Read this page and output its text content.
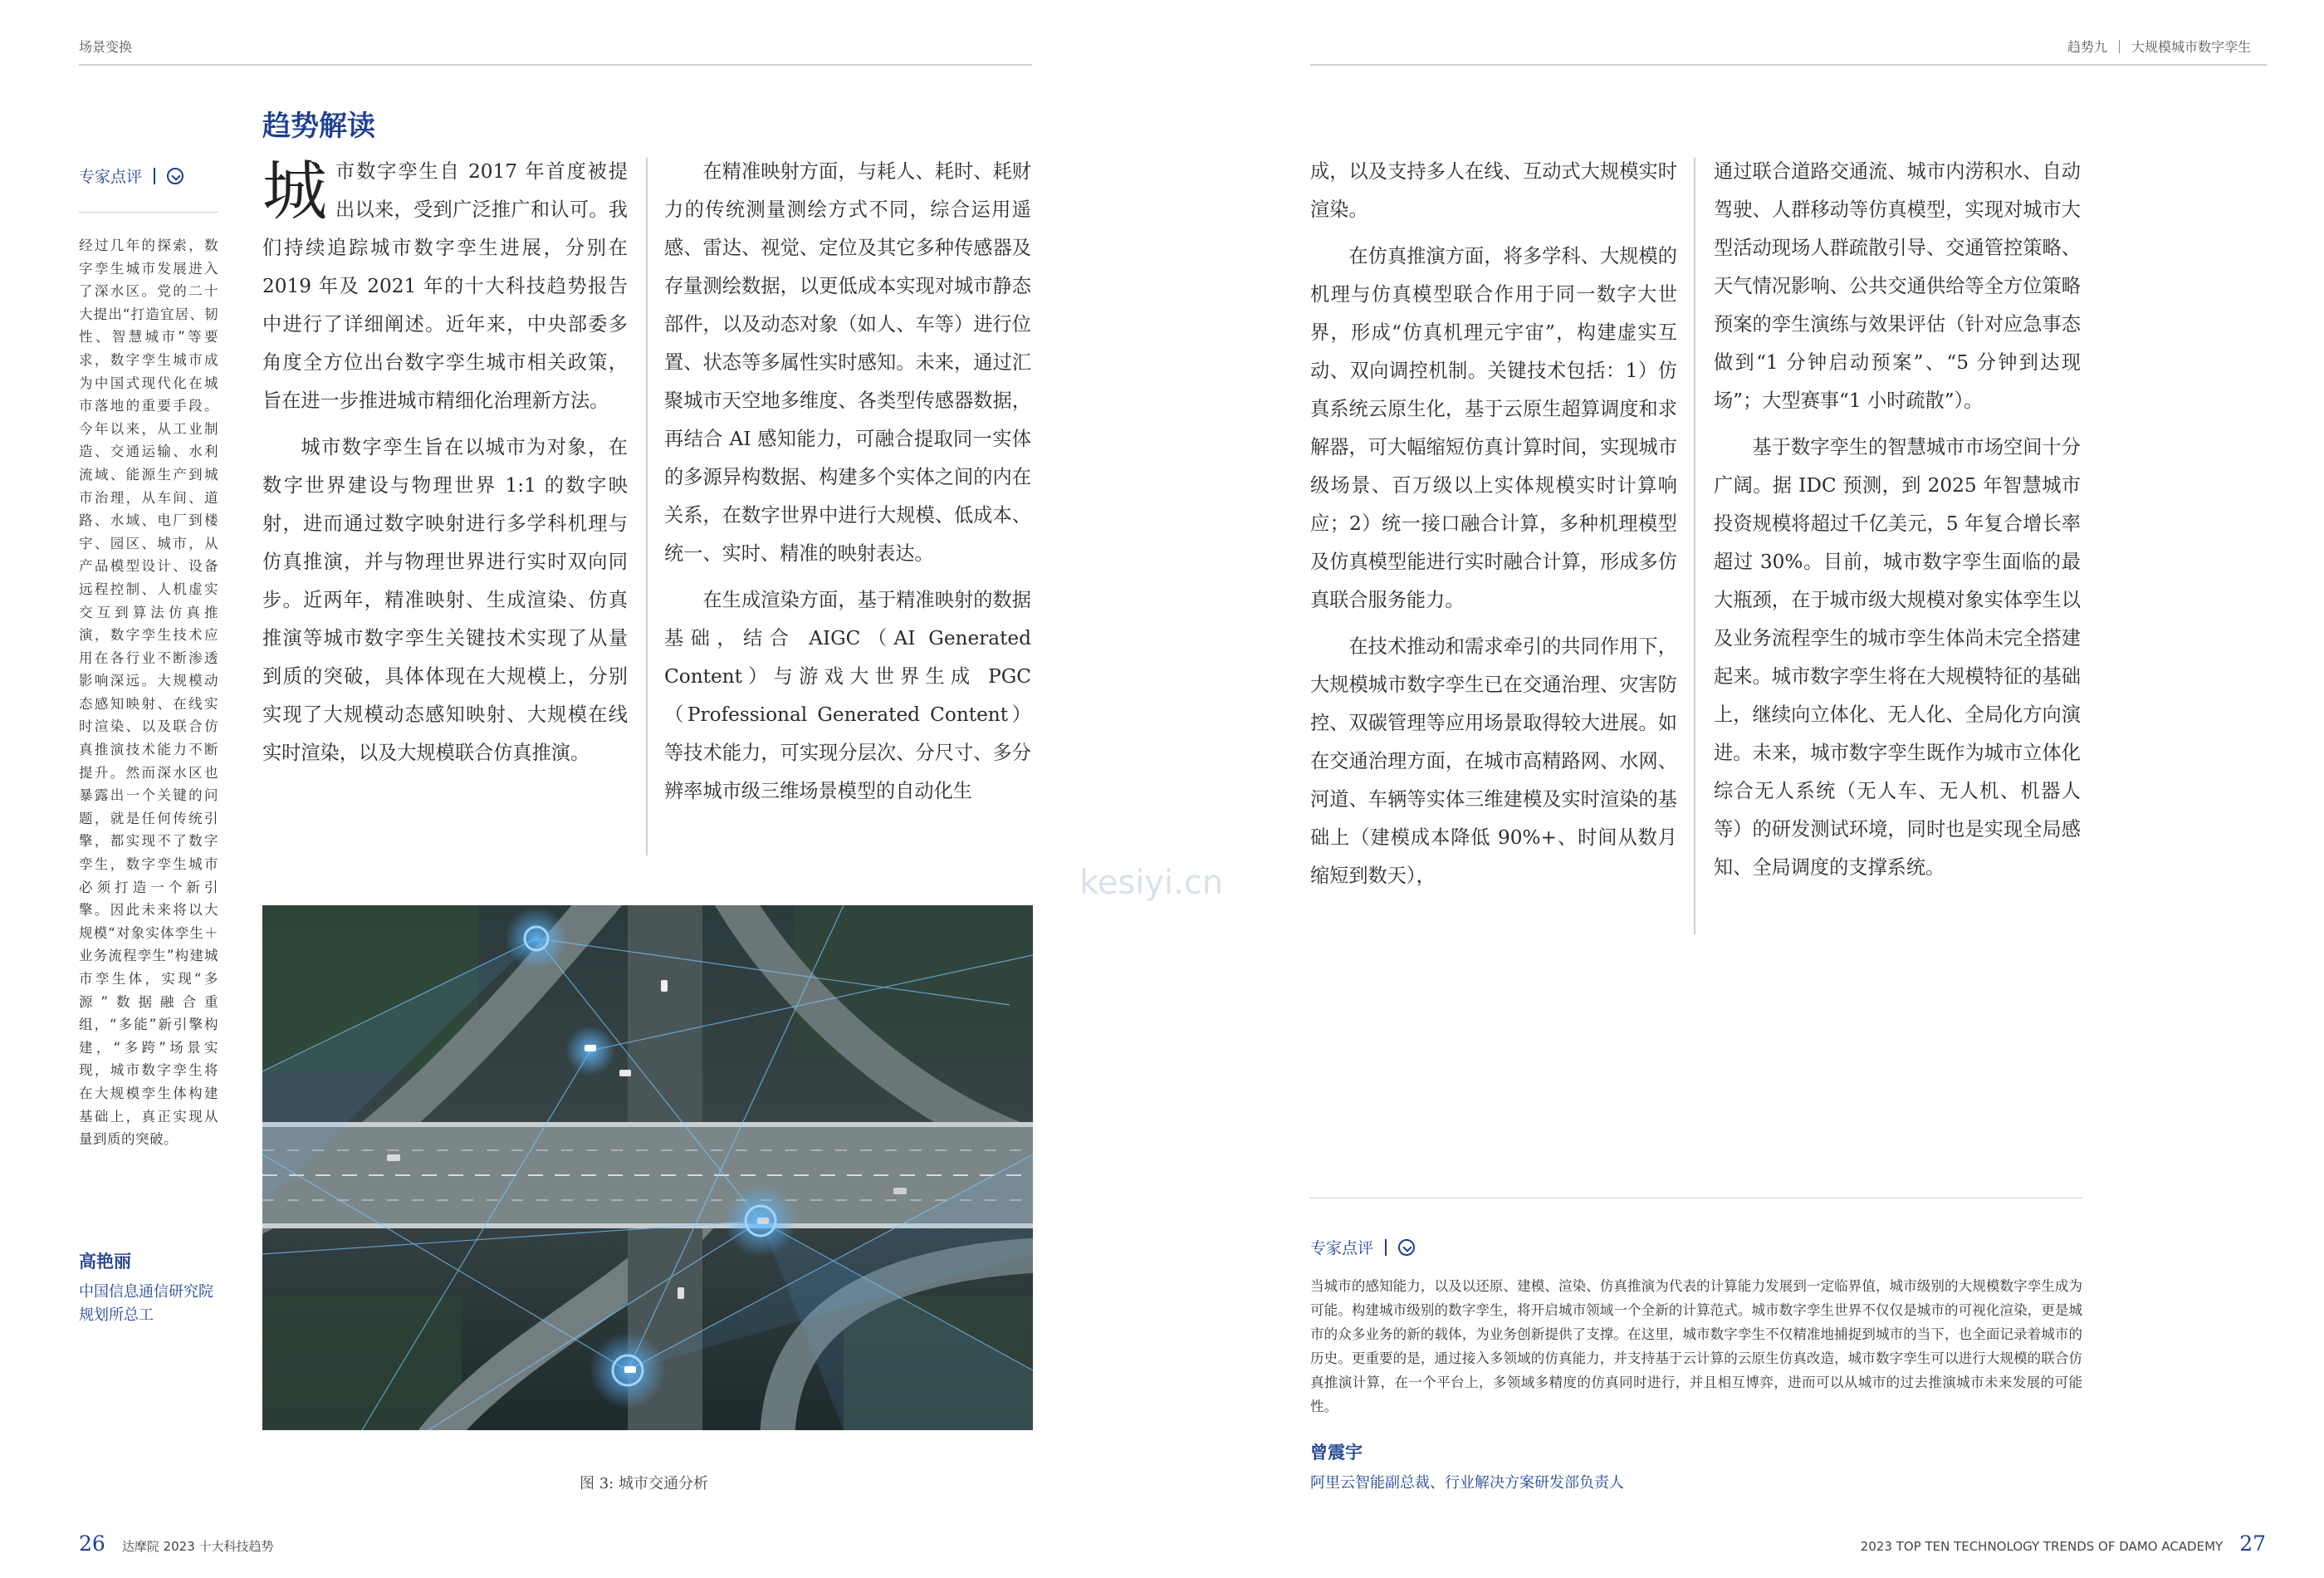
场景变换	趋势九 大规模城市数字孪生
趋势解读
专家点评
经过几年的探索，数字孪生城市发展进入了深水区。党的二十大提出“打造宜居、韧性、智慧城市”等要求，数字孪生城市成为中国式现代化在城市落地的重要手段。今年以来，从工业制造、交通运输、水利流域、能源生产到城市治理，从车间、道路、水域、电厂到楼宇、园区、城市，从产品模型设计、设备远程控制、人机虚实交互到算法仿真推演，数字孪生技术应用在各行业不断渗透影响深远。大规模动态感知映射、在线实时渲染、以及联合仿真推演技术能力不断提升。然而深水区也暴露出一个关键的问题，就是任何传统引擎，都实现不了数字孪生，数字孪生城市必须打造一个新引擎。因此未来将以大规模“对象实体孪生＋业务流程孪生”构建城市孪生体，实现“多源”数据融合重组，“多能”新引擎构建，“多跨”场景实现，城市数字孪生将在大规模孪生体构建基础上，真正实现从量到质的突破。
高艳丽
中国信息通信研究院规划所总工

城市数字孪生自 2017 年首度被提出以来，受到广泛推广和认可。我们持续追踪城市数字孪生进展，分别在 2019 年及 2021 年的十大科技趋势报告中进行了详细阐述。近年来，中央部委多角度全方位出台数字孪生城市相关政策，旨在进一步推进城市精细化治理新方法。

城市数字孪生旨在以城市为对象，在数字世界建设与物理世界 1:1 的数字映射，进而通过数字映射进行多学科机理与仿真推演，并与物理世界进行实时双向同步。近两年，精准映射、生成渲染、仿真推演等城市数字孪生关键技术实现了从量到质的突破，具体体现在大规模上，分别实现了大规模动态感知映射、大规模在线实时渲染，以及大规模联合仿真推演。

在精准映射方面，与耗人、耗时、耗财力的传统测量测绘方式不同，综合运用遥感、雷达、视觉、定位及其它多种传感器及存量测绘数据，以更低成本实现对城市静态部件，以及动态对象（如人、车等）进行位置、状态等多属性实时感知。未来，通过汇聚城市天空地多维度、各类型传感器数据，再结合 AI 感知能力，可融合提取同一实体的多源异构数据、构建多个实体之间的内在关系，在数字世界中进行大规模、低成本、统一、实时、精准的映射表达。

在生成渲染方面，基于精准映射的数据基础，结合 AIGC（AI Generated Content）与游戏大世界生成 PGC（Professional Generated Content）等技术能力，可实现分层次、分尺寸、多分辨率城市级三维场景模型的自动化生

图 3: 城市交通分析
kesiyi.cn

成，以及支持多人在线、互动式大规模实时渲染。

在仿真推演方面，将多学科、大规模的机理与仿真模型联合作用于同一数字大世界，形成“仿真机理元宇宙”，构建虚实互动、双向调控机制。关键技术包括：1）仿真系统云原生化，基于云原生超算调度和求解器，可大幅缩短仿真计算时间，实现城市级场景、百万级以上实体规模实时计算响应；2）统一接口融合计算，多种机理模型及仿真模型能进行实时融合计算，形成多仿真联合服务能力。

在技术推动和需求牵引的共同作用下，大规模城市数字孪生已在交通治理、灾害防控、双碳管理等应用场景取得较大进展。如在交通治理方面，在城市高精路网、水网、河道、车辆等实体三维建模及实时渲染的基础上（建模成本降低 90%+、时间从数月缩短到数天），

通过联合道路交通流、城市内涝积水、自动驾驶、人群移动等仿真模型，实现对城市大型活动现场人群疏散引导、交通管控策略、天气情况影响、公共交通供给等全方位策略预案的孪生演练与效果评估（针对应急事态做到“1 分钟启动预案”、“5 分钟到达现场”；大型赛事“1 小时疏散”）。

基于数字孪生的智慧城市市场空间十分广阔。据 IDC 预测，到 2025 年智慧城市投资规模将超过千亿美元，5 年复合增长率超过 30%。目前，城市数字孪生面临的最大瓶颈，在于城市级大规模对象实体孪生以及业务流程孪生的城市孪生体尚未完全搭建起来。城市数字孪生将在大规模特征的基础上，继续向立体化、无人化、全局化方向演进。未来，城市数字孪生既作为城市立体化综合无人系统（无人车、无人机、机器人等）的研发测试环境，同时也是实现全局感知、全局调度的支撑系统。

专家点评
当城市的感知能力，以及以还原、建模、渲染、仿真推演为代表的计算能力发展到一定临界值，城市级别的大规模数字孪生成为可能。构建城市级别的数字孪生，将开启城市领域一个全新的计算范式。城市数字孪生世界不仅仅是城市的可视化渲染，更是城市的众多业务的新的载体，为业务创新提供了支撑。在这里，城市数字孪生不仅精准地捕捉到城市的当下，也全面记录着城市的历史。更重要的是，通过接入多领域的仿真能力，并支持基于云计算的云原生仿真改造，城市数字孪生可以进行大规模的联合仿真推演计算，在一个平台上，多领域多精度的仿真同时进行，并且相互博弈，进而可以从城市的过去推演城市未来发展的可能性。
曾震宇
阿里云智能副总裁、行业解决方案研发部负责人
26 达摩院 2023 十大科技趋势	2023 TOP TEN TECHNOLOGY TRENDS OF DAMO ACADEMY 27
